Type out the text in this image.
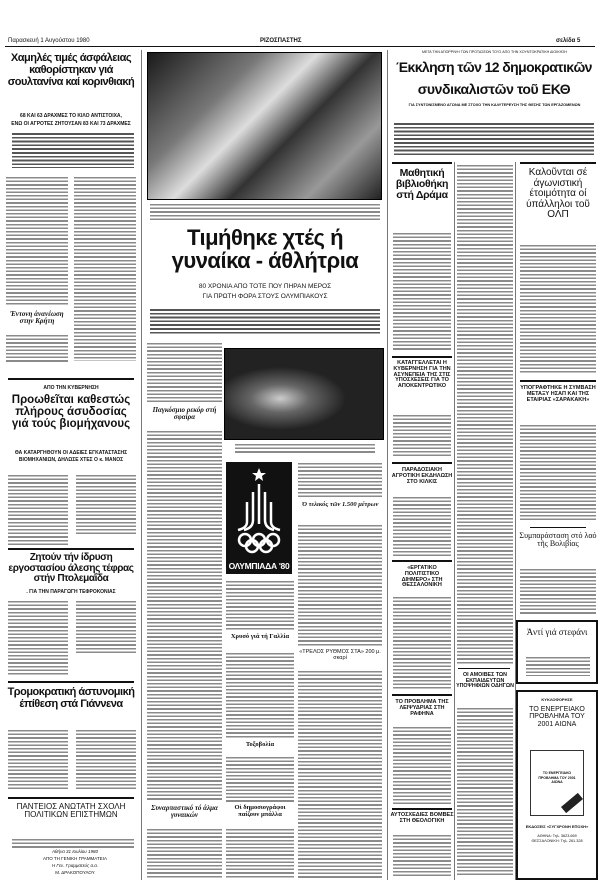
Παρασκευή 1 Αυγούστου 1980	ΡΙΖΟΣΠΑΣΤΗΣ	σελίδα 5
Χαμηλές τιμές άσφάλειας καθορίστηκαν γιά σουλτανίνα καί κορινθιακή
68 ΚΑΙ 63 ΔΡΑΧΜΕΣ ΤΟ ΚΙΛΟ ΑΝΤΙΣΤΟΙΧΑ,
ΕΝΩ ΟΙ ΑΓΡΟΤΕΣ ΖΗΤΟΥΣΑΝ 83 ΚΑΙ 73 ΔΡΑΧΜΕΣ
Έντονη άνανέωση στην Κρήτη
ΑΠΟ ΤΗΝ ΚΥΒΕΡΝΗΣΗ
Προωθεῖται καθεστώς πλήρους άσυδοσίας γιά τούς βιομήχανους
ΘΑ ΚΑΤΑΡΓΗΘΟΥΝ ΟΙ ΑΔΕΙΕΣ ΕΓΚΑΤΑΣΤΑΣΗΣ ΒΙΟΜΗΧΑΝΙΩΝ, ΔΗΛΩΣΕ ΧΤΕΣ Ο κ. ΜΑΝΟΣ
Ζητούν τήν ίδρυση εργοστασίου άλεσης τέφρας στήν Πτολεμαΐδα
. ΓΙΑ ΤΗΝ ΠΑΡΑΓΩΓΗ ΤΕΦΡΟΚΟΝΙΑΣ
Τρομοκρατική άστυνομική έπίθεση στά Γιάννενα
ΠΑΝΤΕΙΟΣ ΑΝΩΤΑΤΗ ΣΧΟΛΗ ΠΟΛΙΤΙΚΩΝ ΕΠΙΣΤΗΜΩΝ
Αθήνα 31 Ιουλίου 1980
ΑΠΟ ΤΗ ΓΕΝΙΚΗ ΓΡΑΜΜΑΤΕΙΑ
Η Γεν. Γραμματεύς α.α.
Μ. ΔΡΑΚΟΠΟΥΛΟΥ
Τιμήθηκε χτές ή γυναίκα - άθλήτρια
80 ΧΡΟΝΙΑ ΑΠΟ ΤΟΤΕ ΠΟΥ ΠΗΡΑΝ ΜΕΡΟΣ
ΓΙΑ ΠΡΩΤΗ ΦΟΡΑ ΣΤΟΥΣ ΟΛΥΜΠΙΑΚΟΥΣ
Παγκόσμιο ρεκόρ στή σφαίρα
Συναρπαστικό τό άλμα γυναικών
ΟΛΥΜΠΙΑΔΑ '80
Ὁ τελικός τῶν 1.500 μέτρων
«ΤΡΕΛΟΣ ΡΥΘΜΟΣ ΣΤΑ» 200 μ. σκαρί
Χρυσό γιά τή Γαλλία
Τοξοβολία
Οἱ δημοσιογράφοι παίζουν μπάλλα
ΜΕΤΑ ΤΗΝ ΑΠΟΡΡΙΨΗ ΤΩΝ ΠΡΟΤΑΣΕΩΝ ΤΟΥΣ ΑΠΟ ΤΗΝ ΧΟΥΝΤΟΚΡΑΤΙΚΗ ΔΙΟΙΚΗΣΗ
Έκκληση τῶν 12 δημοκρατικῶν
συνδικαλιστῶν τοῦ ΕΚΘ
ΓΙΑ ΣΥΝΤΟΝΙΣΜΕΝΟ ΑΓΩΝΑ ΜΕ ΣΤΟΧΟ ΤΗΝ ΚΑΛΥΤΕΡΕΥΣΗ ΤΗΣ ΘΕΣΗΣ ΤΩΝ ΕΡΓΑΖΟΜΕΝΩΝ
Μαθητική βιβλιοθήκη στή Δράμα
Καλοῦνται σέ άγωνιστική έτοιμότητα οί ύπάλληλοι τοῦ ΟΛΠ
ΥΠΟΓΡΑΦΤΗΚΕ Η ΣΥΜΒΑΣΗ ΜΕΤΑΞΥ ΗΣΑΠ ΚΑΙ ΤΗΣ ΕΤΑΙΡΙΑΣ «ΣΑΡΑΚΑΚΗ»
Συμπαράσταση στό λαό τῆς Βολιβίας
Ἀντί γιά στεφάνι
ΚΥΚΛΟΦΟΡΗΣΕ
ΤΟ ΕΝΕΡΓΕΙΑΚΟ ΠΡΟΒΛΗΜΑ ΤΟΥ 2001 ΑΙΩΝΑ
ΤΟ ΕΝΕΡΓΕΙΑΚΟ ΠΡΟΒΛΗΜΑ ΤΟΥ 2001 ΑΙΩΝΑ
ΕΚΔΟΣΕΙΣ «ΣΥΓΧΡΟΝΗ ΕΠΟΧΗ»
ΑΘΗΝΑ: Τηλ. 3623.669 ΘΕΣΣΑΛΟΝΙΚΗ: Τηλ. 261.328
ΚΑΤΑΓΓΕΛΛΕΤΑΙ Η ΚΥΒΕΡΝΗΣΗ ΓΙΑ ΤΗΝ ΑΣΥΝΕΠΕΙΑ ΤΗΣ ΣΤΙΣ ΥΠΟΣΧΕΣΕΙΣ ΓΙΑ ΤΟ ΑΠΟΚΕΝΤΡΩΤΙΚΟ
ΠΑΡΑΔΟΣΙΑΚΗ ΑΓΡΟΤΙΚΗ ΕΚΔΗΛΩΣΗ ΣΤΟ ΚΙΛΚΙΣ
«ΕΡΓΑΤΙΚΟ ΠΟΛΙΤΙΣΤΙΚΟ ΔΙΗΜΕΡΟ» ΣΤΗ ΘΕΣΣΑΛΟΝΙΚΗ
ΤΟ ΠΡΟΒΛΗΜΑ ΤΗΣ ΛΕΙΨΥΔΡΙΑΣ ΣΤΗ ΡΑΦΗΝΑ
ΑΥΤΟΣΧΕΔΙΕΣ ΒΟΜΒΕΣ ΣΤΗ ΘΕΟΛΟΓΙΚΗ
ΟΙ ΑΜΟΙΒΕΣ ΤΩΝ ΕΚΠΑΙΔΕΥΤΩΝ ΥΠΟΨΗΦΙΩΝ ΟΔΗΓΩΝ
